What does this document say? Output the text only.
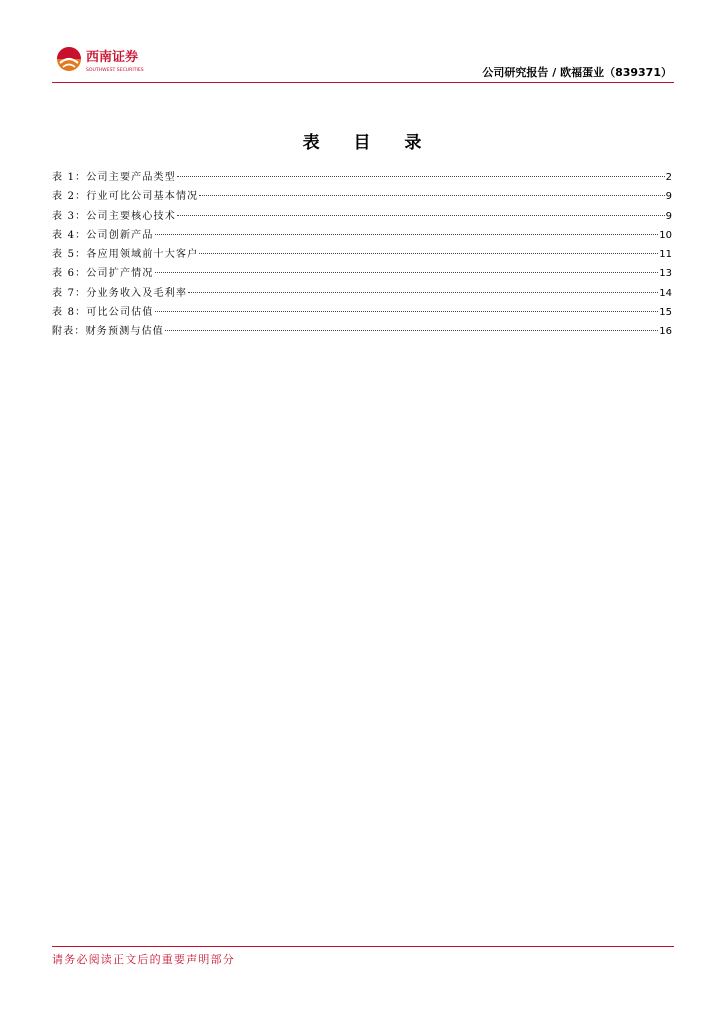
西南证券
SOUTHWEST SECURITIES	公司研究报告 / 欧福蛋业（839371）
表 目 录
表 1：公司主要产品类型	2
表 2：行业可比公司基本情况	9
表 3：公司主要核心技术	9
表 4：公司创新产品	10
表 5：各应用领域前十大客户	11
表 6：公司扩产情况	13
表 7：分业务收入及毛利率	14
表 8：可比公司估值	15
附表：财务预测与估值	16
请务必阅读正文后的重要声明部分
